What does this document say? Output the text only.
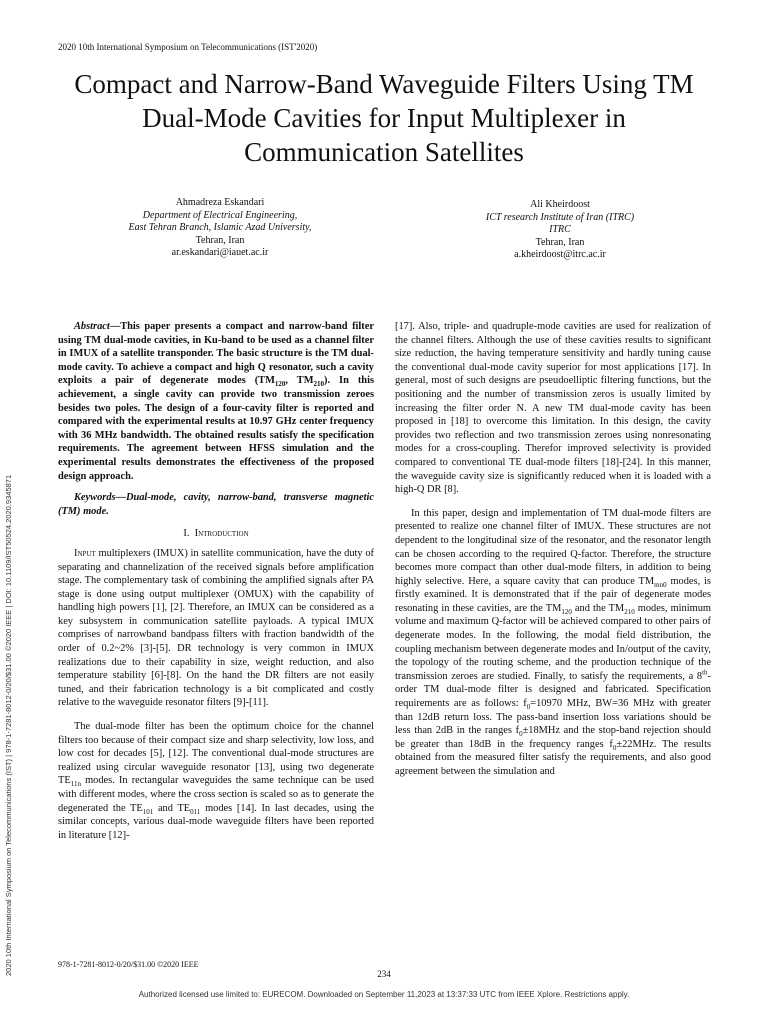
2020 10th International Symposium on Telecommunications (IST'2020)
Compact and Narrow-Band Waveguide Filters Using TM Dual-Mode Cavities for Input Multiplexer in Communication Satellites
Ahmadreza Eskandari
Department of Electrical Engineering,
East Tehran Branch, Islamic Azad University,
Tehran, Iran
ar.eskandari@iauet.ac.ir
Ali Kheirdoost
ICT research Institute of Iran (ITRC)
ITRC
Tehran, Iran
a.kheirdoost@itrc.ac.ir

Abstract—This paper presents a compact and narrow-band filter using TM dual-mode cavities, in Ku-band to be used as a channel filter in IMUX of a satellite transponder. The basic structure is the TM dual-mode cavity. To achieve a compact and high Q resonator, such a cavity exploits a pair of degenerate modes ($TM_{120}$, $TM_{210}$). In this achievement, a single cavity can provide two transmission zeroes besides two poles. The design of a four-cavity filter is reported and compared with the experimental results at 10.97 GHz center frequency with 36 MHz bandwidth. The obtained results satisfy the specification requirements. The agreement between HFSS simulation and the experimental results demonstrates the effectiveness of the proposed design approach.

Keywords—Dual-mode, cavity, narrow-band, transverse magnetic (TM) mode.

I. Introduction

Input multiplexers (IMUX) in satellite communication, have the duty of separating and channelization of the received signals before amplification stage. The complementary task of combining the amplified signals after PA stage is done using output multiplexer (OMUX) with the capability of handling high powers [1], [2]. Therefore, an IMUX can be considered as a key subsystem in communication satellite payloads. A typical IMUX comprises of narrowband bandpass filters with fraction bandwidth of the order of 0.2~2% [3]-[5]. DR technology is very common in IMUX realizations due to their capability in size, weight reduction, and also temperature stability [6]-[8]. On the hand the DR filters are not easily tuned, and their fabrication technology is a bit complicated and costly relative to the waveguide resonator filters [9]-[11].

The dual-mode filter has been the optimum choice for the channel filters too because of their compact size and sharp selectivity, low loss, and low cost for decades [5], [12]. The conventional dual-mode structures are realized using circular waveguide resonator [13], using two degenerate $TE_{11n}$ modes. In rectangular waveguides the same technique can be used with different modes, where the cross section is scaled so as to generate the degenerated the $TE_{101}$ and $TE_{011}$ modes [14]. In last decades, using the similar concepts, various dual-mode waveguide filters have been reported in literature [12]-

[17]. Also, triple- and quadruple-mode cavities are used for realization of the channel filters. Although the use of these cavities results to significant size reduction, the having temperature sensitivity and hardly tuning cause the conventional dual-mode cavity superior for most applications [17]. In general, most of such designs are pseudoelliptic filtering functions, but the positioning and the number of transmission zeros is usually limited by increasing the filter order N. A new TM dual-mode cavity has been proposed in [18] to overcome this limitation. In this design, the cavity provides two reflection and two transmission zeroes using nonresonating modes for a cross-coupling. Therefor improved selectivity is provided compared to conventional TE dual-mode filters [18]-[24]. In this manner, the waveguide cavity size is significantly reduced when it is loaded with a high-Q DR [8].

In this paper, design and implementation of TM dual-mode filters are presented to realize one channel filter of IMUX. These structures are not dependent to the longitudinal size of the resonator, and the resonator length can be chosen according to the required Q-factor. Therefore, the structure becomes more compact than other dual-mode filters, in addition to being highly selective. Here, a square cavity that can produce $TM_{mn0}$ modes, is firstly examined. It is demonstrated that if the pair of degenerate modes resonating in these cavities, are the $TM_{120}$ and the $TM_{210}$ modes, minimum volume and maximum Q-factor will be achieved compared to other pairs of degenerate modes. In the following, the modal field distribution, the coupling mechanism between degenerate modes and In/output of the cavity, the topology of the routing scheme, and the production technique of the transmission zeroes are studied. Finally, to satisfy the requirements, a 8th-order TM dual-mode filter is designed and fabricated. Specification requirements are as follows: $f_0=10970$ MHz, BW=36 MHz with greater than 12dB return loss. The pass-band insertion loss variations should be less than 2dB in the ranges $f_0\pm 18MHz$ and the stop-band rejection should be greater than 18dB in the frequency ranges $f_0\pm 22MHz$. The results obtained from the measured filter satisfy the requirements, and also good agreement between the simulation and

2020 10th International Symposium on Telecommunications (IST) | 978-1-7281-8012-0/20/$31.00 ©2020 IEEE | DOI: 10.1109/IST50524.2020.9345871	978-1-7281-8012-0/20/$31.00 ©2020 IEEE
234
Authorized licensed use limited to: EURECOM. Downloaded on September 11,2023 at 13:37:33 UTC from IEEE Xplore. Restrictions apply.
